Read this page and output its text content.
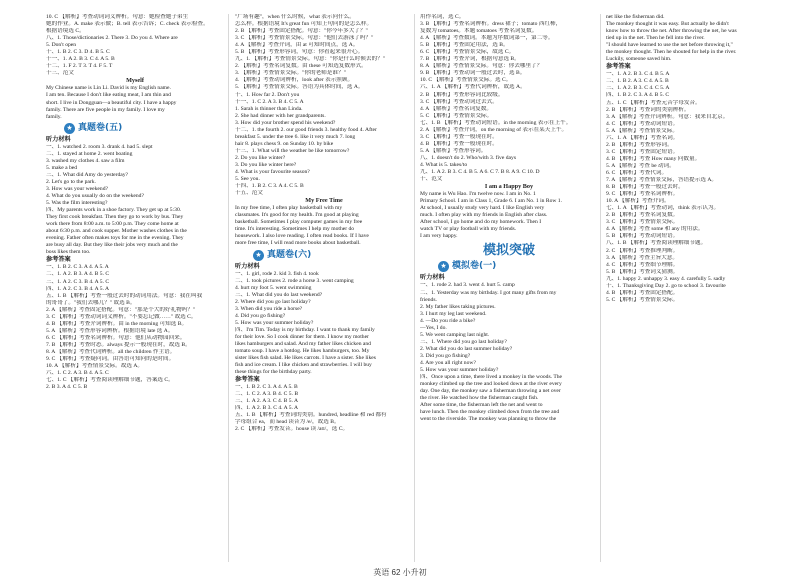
10. C 【解析】考查动词词义辨析。句意：她检查她子弟生
她的作业。A. make 表示做；B. tell 表示告诉；C. check 表示检查。
根据语境选 C。
八、1. Those/dictionaries 2. There 3. Do you 4. Where are
5. Don't open
十、1. B 2. C 3. D 4. B 5. C
十一、1. A 2. B 3. C 4. A 5. B
十二、1. F 2. T 3. T 4. F 5. T
十三、范文
Myself
My Chinese name is Lin Li. David is my English name.
I am ten. Because I don't like eating meat, I am thin and
short. I live in Dongguan—a beautiful city. I have a happy
family. There are five people in my family. I love my
family.
★ 真题卷(五)
听力材料
一、1. watched 2. room 3. drank 4. had 5. slept
二、1. stayed at home 2. went boating
3. washed my clothes 4. saw a film
5. make a bed
三、1. What did Amy do yesterday?
2. Let's go to the park.
3. How was your weekend?
4. What do you usually do on the weekend?
5. Was the film interesting?
四、My parents work in a shoe factory. They get up at 5:30.
They first cook breakfast. Then they go to work by bus. They
work there from 8:00 a.m. to 5:00 p.m. They come home at
about 6:30 p.m. and cook supper. Mother washes clothes in the
evening. Father often makes toys for me in the evening. They
are busy all day. But they like their jobs very much and the
boss likes them too.
参考答案
一、1. B 2. C 3. A 4. A 5. A
二、1. A 2. B 3. A 4. B 5. C
三、1. A 2. C 3. B 4. A 5. C
四、1. A 2. C 3. B 4. A 5. A
五、1. B 【解析】考查一般过去时的动词用法。句意：我在叫我
的哥哥了。"我们去哪儿？" 故选 B。
2. A 【解析】考查固定搭配。句意："那是个大的好礼物吗？"
3. C 【解析】考查动词词义辨析。"不要忘记做……" 故选 C。
4. B 【解析】考查介词辨析。由 in the morning 可知选 B。
5. A 【解析】考查形容词辨析。根据语境 late 选 A。
6. C 【解析】考查名词辨析。句意：他们从动物园回来。
7. B 【解析】考查时态。always 提示一般现在时，故选 B。
8. A 【解析】考查代词辨析。all the children 作主语。
9. C 【解析】考查疑问词。由答语可知问的是时间。
10. A 【解析】考查情景交际。故选 A。
六、1. C 2. A 3. B 4. A 5. C
七、1. C 【解析】考查阅读理解细节题，答案选 C。
2. B 3. A 4. C 5. B
"广场有趣"，when 什么时候，what 表示问什么。
怎么样。根据语境 It's great fun 可知上句问的是怎么样。
2. B 【解析】考查固定搭配。句意："你今年多大了？"
3. C 【解析】考查情景交际。句意："他们去游泳了吗？"
4. A 【解析】考查介词，由 at 可知时间点，选 A。
5. B 【解析】考查形容词，句意：你看起来很开心。
九、1. 【解析】考查情景交际。句意："你是什么时候去的？"
2. 【解析】考查名词复数。由 these 可知选复数形式。
3. 【解析】考查情景交际。"你的老师是谁？"
4. 【解析】考查动词辨析，look after 表示照顾。
5. 【解析】考查情景交际。答语为具体时间，选 A。
十、1. How far 2. Don't you
十一、1. C 2. A 3. B 4. C 5. A
1. Sarah is thinner than Linda.
2. She had dinner with her grandparents.
3. How did your brother spend his weekend?
十二、1. the fourth 2. our good friends 3. healthy food 4. After
breakfast 5. under the tree 6. like it very much 7. long
hair 8. plays chess 9. on Sunday 10. by bike
十三、1. What will the weather be like tomorrow?
2. Do you like winter?
3. Do you like winter here?
4. What is your favourite season?
5. See you.
十四、1. B 2. C 3. A 4. C 5. B
十五、范文
My Free Time
In my free time, I often play basketball with my
classmates. It's good for my health. I'm good at playing
basketball. Sometimes I play computer games in my free
time. It's interesting. Sometimes I help my mother do
housework. I also love reading. I often read books. If I have
more free time, I will read more books about basketball.
★ 真题卷(六)
听力材料
一、1. girl, rode 2. kid 3. fish 4. took
二、1. took pictures 2. rode a horse 3. went camping
4. hurt my foot 5. went swimming
三、1. What did you do last weekend?
2. Where did you go last holiday?
3. When did you ride a horse?
4. Did you go fishing?
5. How was your summer holiday?
四、I'm Tim. Today is my birthday. I want to thank my family
for their love. So I cook dinner for them. I know my mother
likes hamburgers and salad. And my father likes chicken and
tomato soup. I have a hotdog. He likes hamburgers, too. My
sister likes fish salad. He likes carrots. I have a sister. She likes
fish and ice cream. I like chicken and strawberries. I will buy
these things for the birthday party.
参考答案
一、1. B 2. C 3. A 4. A 5. B
二、1. C 2. A 3. B 4. C 5. B
三、1. A 2. A 3. C 4. B 5. A
四、1. A 2. B 3. C 4. A 5. A
五、1. B 【解析】考查词的类别。hundred, headline 和 red 都有
字母组合 ea，而 head 读音为 /e/，故选 B。
2. C 【解析】考查发音。house 读 /aʊ/，选 C。
用作名词，选 C。
3. B 【解析】考查名词辨析。dress 裙子；tomato 西红柿，
复数为 tomatoes。本题 tomatoes 考查名词复数。
4. A 【解析】考查数词。本题为序数词第一，第二等。
5. B 【解析】考查固定用法，选 B。
6. C 【解析】考查情景交际，故选 C。
7. B 【解析】考查介词，根据句意选 B。
8. A 【解析】考查情景交际。句意：你去哪里了？
9. B 【解析】考查动词一般过去时，选 B。
10. C 【解析】考查情景交际。选 C。
六、1. A 【解析】考查代词辨析，故选 A。
2. B 【解析】考查形容词比较级。
3. C 【解析】考查动词过去式。
4. A 【解析】考查名词复数。
5. C 【解析】考查情景交际。
七、1. B 【解析】考查动词短语。in the morning 表示在上午。
2. A 【解析】考查介词，on the morning of 表示在某天上午。
3. C 【解析】考查一般现在时。
4. B 【解析】考查一般现在时。
5. A 【解析】考查形容词。
八、1. doesn't do 2. Who/with 3. five days
4. What is 5. takes/to
九、1. A 2. B 3. C 4. B 5. A 6. C 7. B 8. A 9. C 10. D
十、范文
I am a Happy Boy
My name is Wu Hao. I'm twelve now. I am in No. 1
Primary School. I am in Class 1, Grade 6. I am No. 1 in Row 1.
At school, I usually study very hard. I like English very
much. I often play with my friends in English after class.
After school, I go home and do my homework. Then I
watch TV or play football with my friends.
I am very happy.
模拟突破
★ 模拟卷(一)
听力材料
一、1. rode 2. had 3. went 4. hurt 5. camp
二、1. Yesterday was my birthday. I got many gifts from my
friends.
2. My father likes taking pictures.
3. I hurt my leg last weekend.
4. —Do you ride a bike?
—Yes, I do.
5. We went camping last night.
三、1. Where did you go last holiday?
2. What did you do last summer holiday?
3. Did you go fishing?
4. Are you all right now?
5. How was your summer holiday?
四、Once upon a time, there lived a monkey in the woods. The
monkey climbed up the tree and looked down at the river every
day. One day, the monkey saw a fisherman throwing a net over
the river. He watched how the fisherman caught fish.
After some time, the fisherman left the net and went to
have lunch. Then the monkey climbed down from the tree and
went to the riverside. The monkey was planning to throw the
net like the fisherman did.
The monkey thought it was easy. But actually he didn't
know how to throw the net. After throwing the net, he was
tied up in the net. Then he fell into the river.
"I should have learned to use the net before throwing it,"
the monkey thought. Then he shouted for help in the river.
Luckily, someone saved him.
参考答案
一、1. A 2. B 3. C 4. B 5. A
二、1. B 2. A 3. C 4. A 5. B
三、1. A 2. B 3. C 4. C 5. A
四、1. B 2. C 3. A 4. B 5. C
五、1. C 【解析】考查元音字母发音。
2. B 【解析】考查词的类别辨析。
3. A 【解析】考查介词辨析。句意：我来自北京。
4. C 【解析】考查动词短语。
5. A 【解析】考查情景交际。
六、1. A 【解析】考查名词。
2. B 【解析】考查形容词。
3. C 【解析】考查固定短语。
4. B 【解析】考查 How many 问数量。
5. A 【解析】考查 be 动词。
6. C 【解析】考查代词。
7. A 【解析】考查情景交际，答语提示选 A。
8. B 【解析】考查一般过去时。
9. C 【解析】考查名词辨析。
10. A 【解析】考查介词。
七、1. A 【解析】考查动词，think 表示认为。
2. B 【解析】考查名词复数。
3. C 【解析】考查情景交际。
4. A 【解析】考查 some 和 any 的用法。
5. B 【解析】考查动词短语。
八、1. B 【解析】考查阅读理解细节题。
2. C 【解析】考查推理判断。
3. A 【解析】考查主旨大意。
4. C 【解析】考查细节理解。
5. B 【解析】考查词义猜测。
九、1. happy 2. unhappy 3. easy 4. carefully 5. sadly
十、1. Thanksgiving Day 2. go to school 3. favourite
4. B 【解析】考查固定搭配。
5. C 【解析】考查情景交际。
英语 62 小升初
